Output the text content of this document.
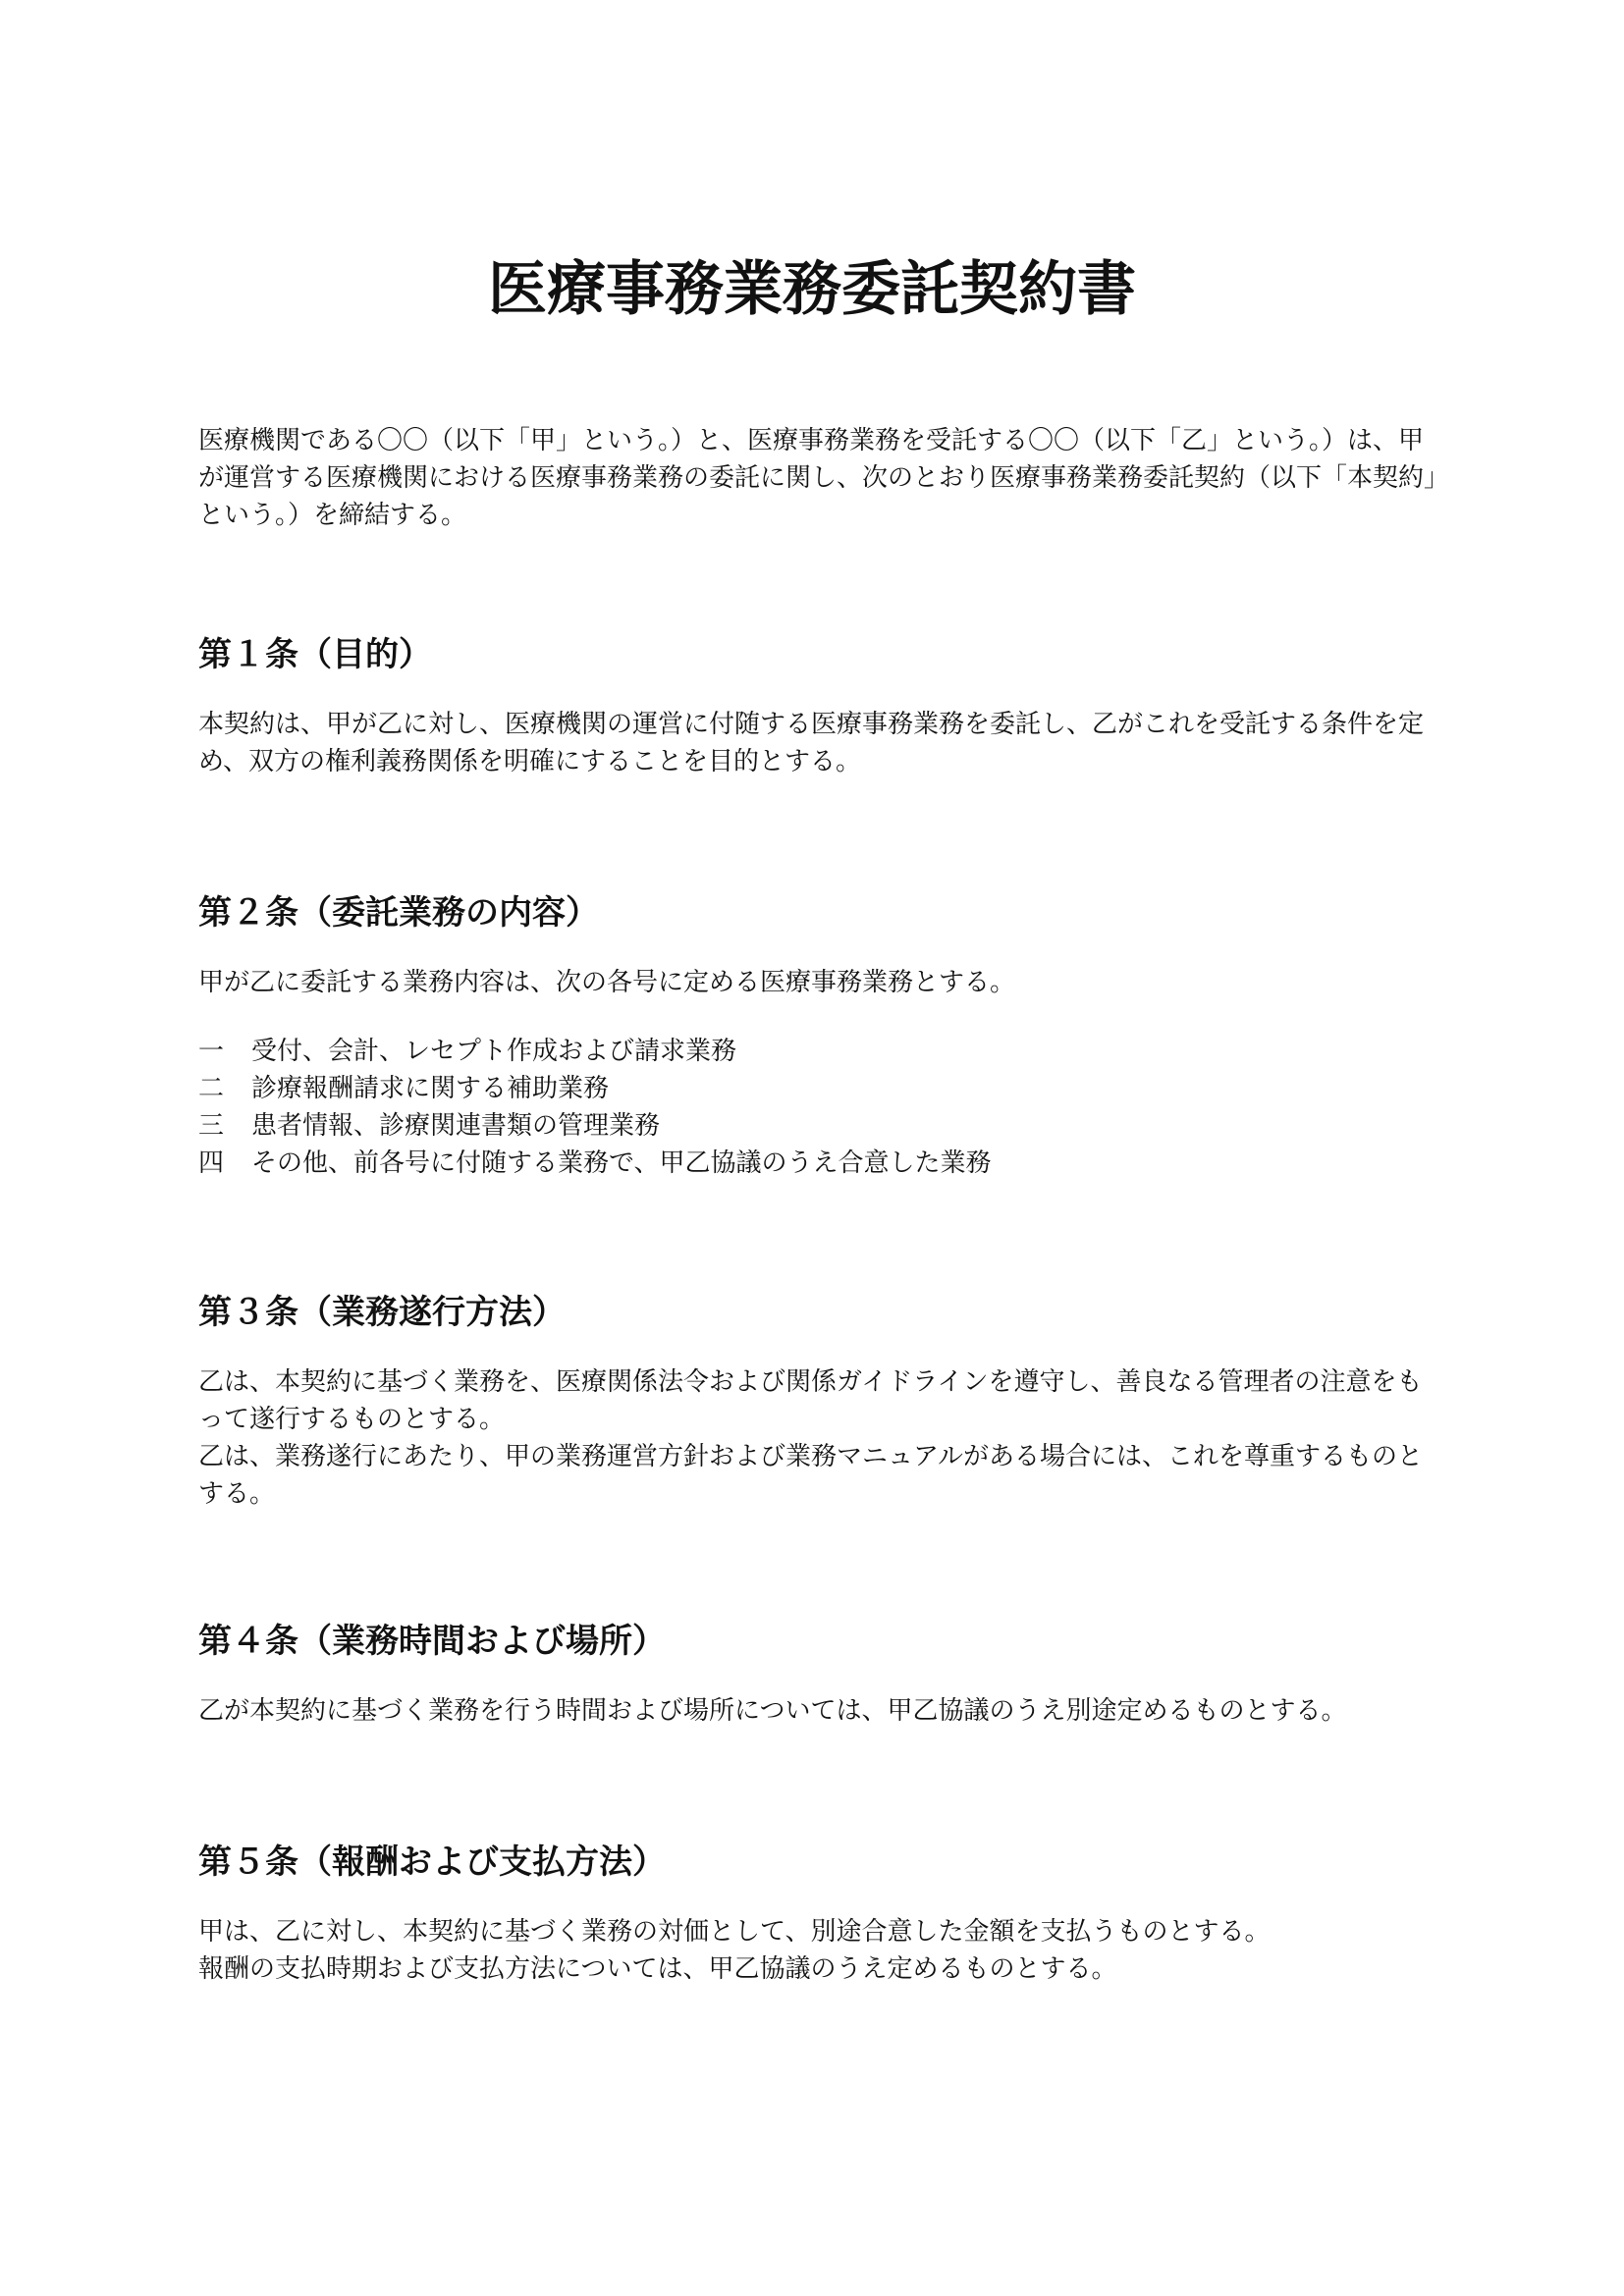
医療事務業務委託契約書

医療機関である〇〇（以下「甲」という。）と、医療事務業務を受託する〇〇（以下「乙」という。）は、甲が運営する医療機関における医療事務業務の委託に関し、次のとおり医療事務業務委託契約（以下「本契約」という。）を締結する。

第１条（目的）

本契約は、甲が乙に対し、医療機関の運営に付随する医療事務業務を委託し、乙がこれを受託する条件を定め、双方の権利義務関係を明確にすることを目的とする。

第２条（委託業務の内容）

甲が乙に委託する業務内容は、次の各号に定める医療事務業務とする。

一	受付、会計、レセプト作成および請求業務
二	診療報酬請求に関する補助業務
三	患者情報、診療関連書類の管理業務
四	その他、前各号に付随する業務で、甲乙協議のうえ合意した業務
第３条（業務遂行方法）

乙は、本契約に基づく業務を、医療関係法令および関係ガイドラインを遵守し、善良なる管理者の注意をもって遂行するものとする。

乙は、業務遂行にあたり、甲の業務運営方針および業務マニュアルがある場合には、これを尊重するものとする。

第４条（業務時間および場所）

乙が本契約に基づく業務を行う時間および場所については、甲乙協議のうえ別途定めるものとする。

第５条（報酬および支払方法）

甲は、乙に対し、本契約に基づく業務の対価として、別途合意した金額を支払うものとする。

報酬の支払時期および支払方法については、甲乙協議のうえ定めるものとする。
